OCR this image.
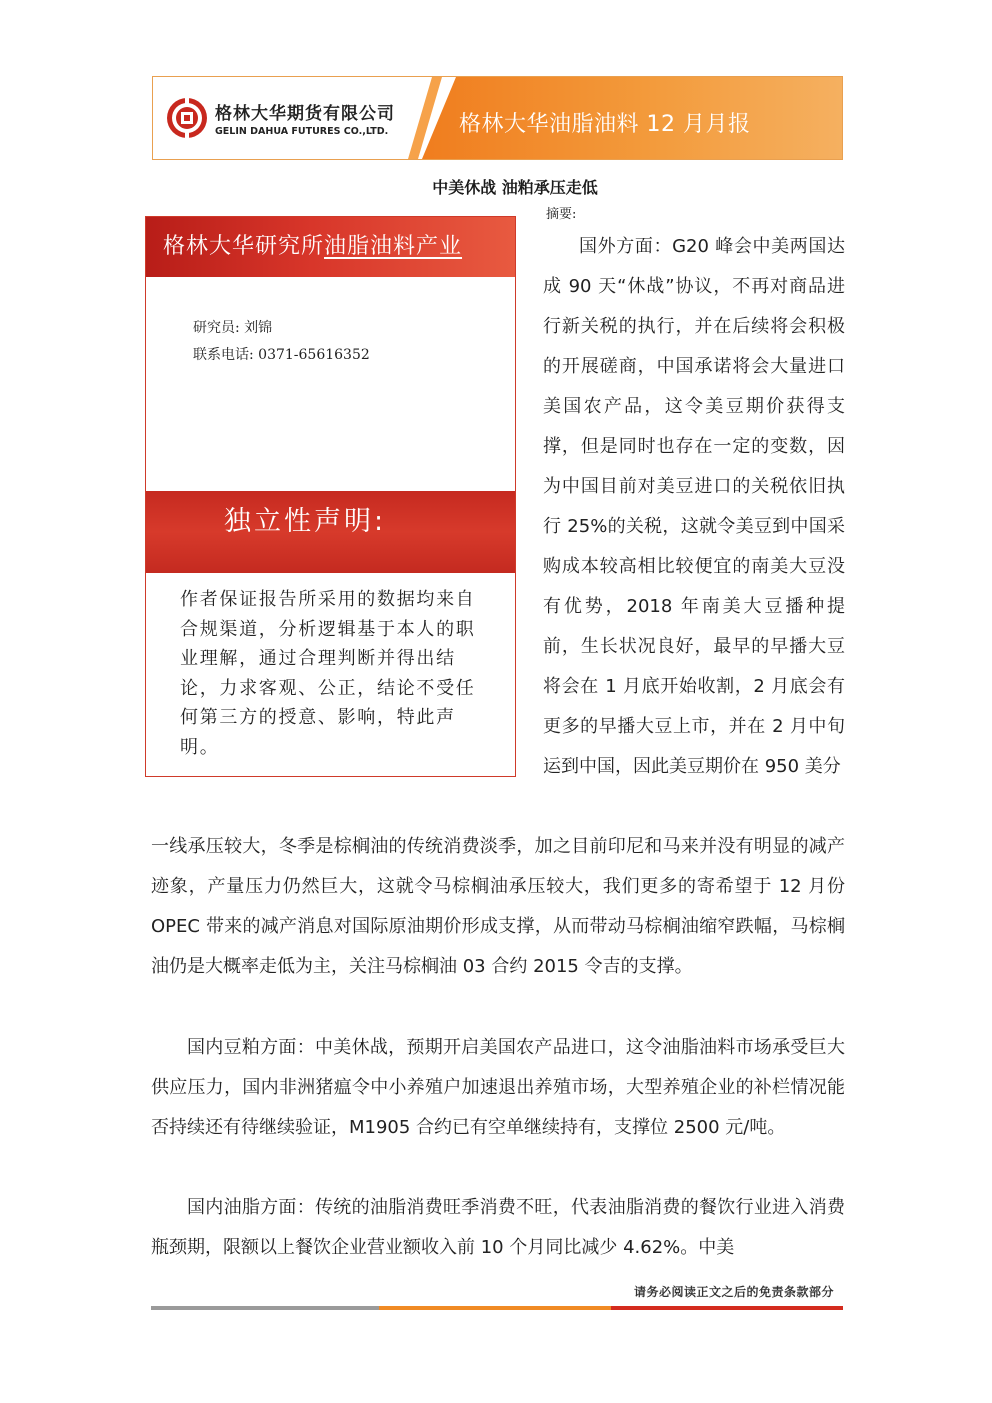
格林大华期货有限公司
GELIN DAHUA FUTURES CO.,LTD.	格林大华油脂油料 12 月月报
中美休战 油粕承压走低
摘要:
格林大华研究所油脂油料产业
研究员: 刘锦
联系电话: 0371-65616352
独立性声明:
作者保证报告所采用的数据均来自合规渠道，分析逻辑基于本人的职业理解，通过合理判断并得出结论，力求客观、公正，结论不受任何第三方的授意、影响，特此声明。

国外方面：G20 峰会中美两国达成 90 天“休战”协议，不再对商品进行新关税的执行，并在后续将会积极的开展磋商，中国承诺将会大量进口美国农产品，这令美豆期价获得支撑，但是同时也存在一定的变数，因为中国目前对美豆进口的关税依旧执行 25%的关税，这就令美豆到中国采购成本较高相比较便宜的南美大豆没有优势，2018 年南美大豆播种提前，生长状况良好，最早的早播大豆将会在 1 月底开始收割，2 月底会有更多的早播大豆上市，并在 2 月中旬运到中国，因此美豆期价在 950 美分

一线承压较大，冬季是棕榈油的传统消费淡季，加之目前印尼和马来并没有明显的减产迹象，产量压力仍然巨大，这就令马棕榈油承压较大，我们更多的寄希望于 12 月份 OPEC 带来的减产消息对国际原油期价形成支撑，从而带动马棕榈油缩窄跌幅，马棕榈油仍是大概率走低为主，关注马棕榈油 03 合约 2015 令吉的支撑。

国内豆粕方面：中美休战，预期开启美国农产品进口，这令油脂油料市场承受巨大供应压力，国内非洲猪瘟令中小养殖户加速退出养殖市场，大型养殖企业的补栏情况能否持续还有待继续验证，M1905 合约已有空单继续持有，支撑位 2500 元/吨。

国内油脂方面：传统的油脂消费旺季消费不旺，代表油脂消费的餐饮行业进入消费瓶颈期，限额以上餐饮企业营业额收入前 10 个月同比减少 4.62%。中美

请务必阅读正文之后的免责条款部分
